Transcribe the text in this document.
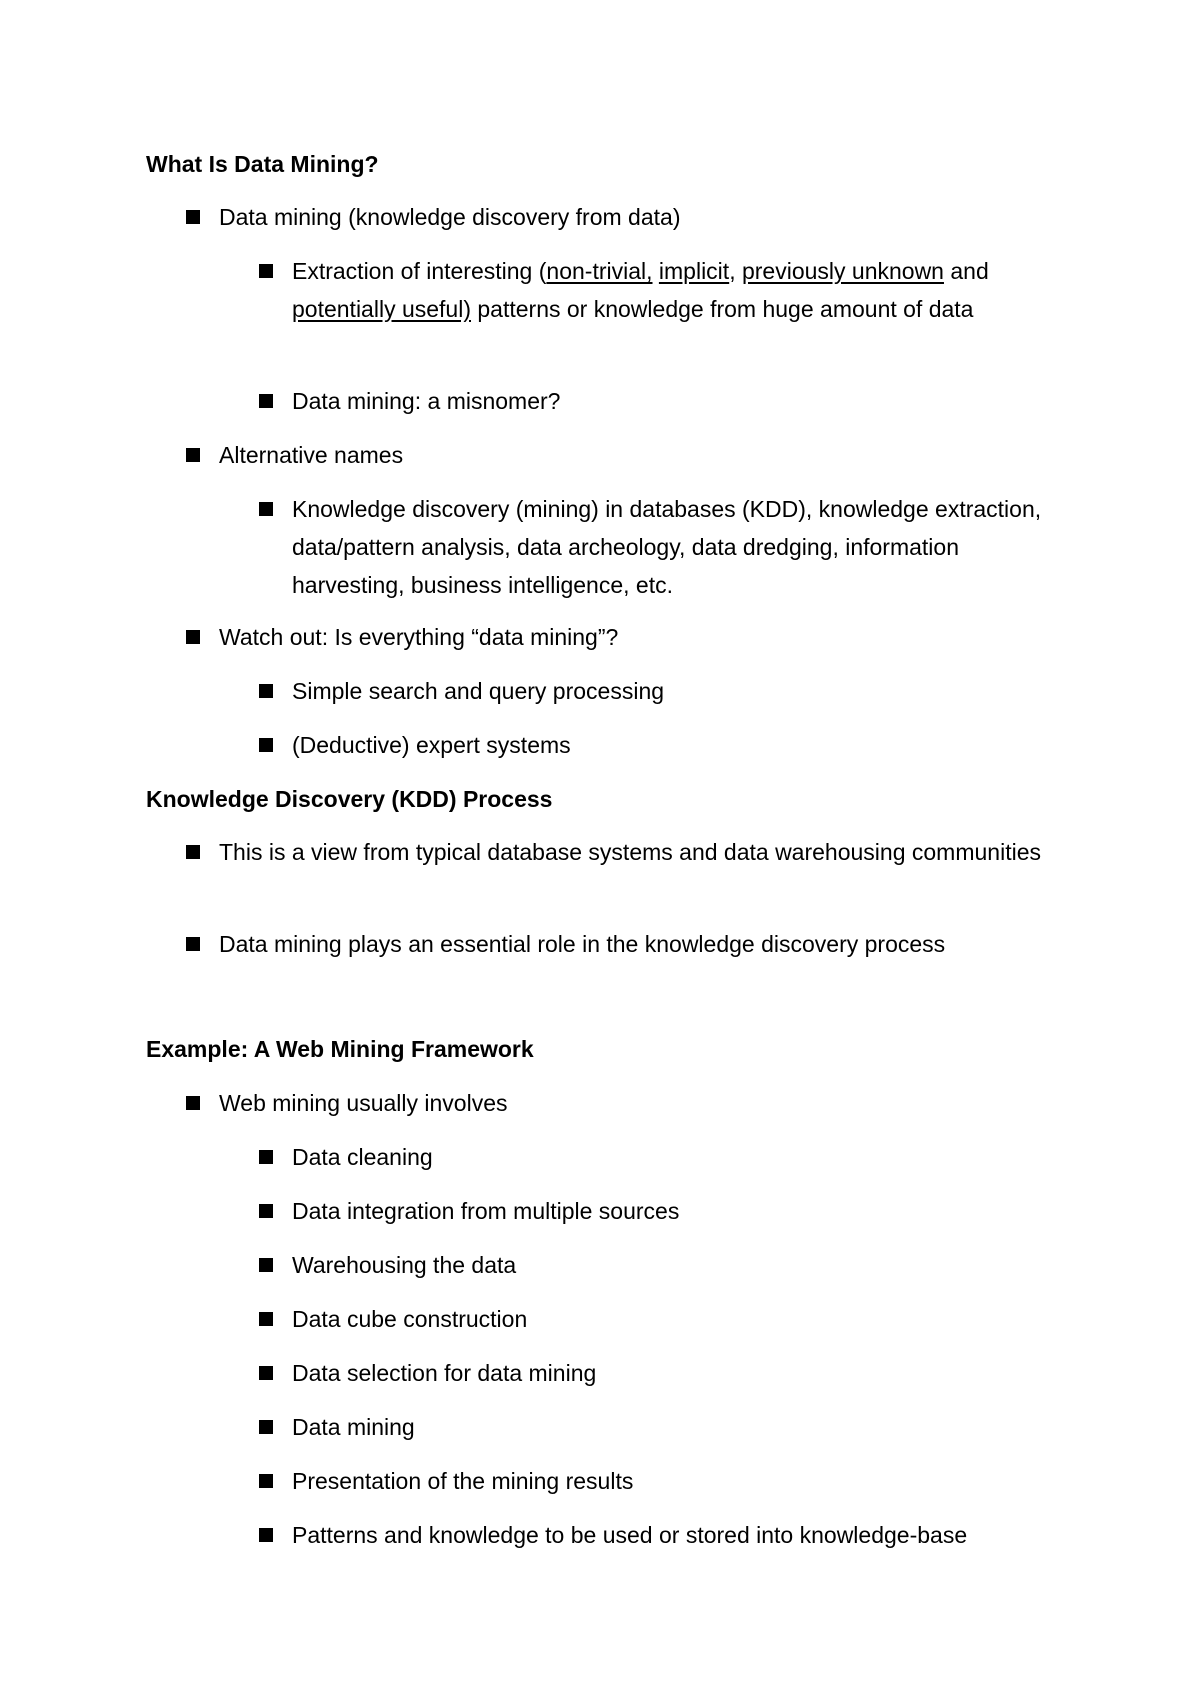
What Is Data Mining?
Data mining (knowledge discovery from data)
Extraction of interesting (non-trivial, implicit, previously unknown and potentially useful) patterns or knowledge from huge amount of data
Data mining: a misnomer?
Alternative names
Knowledge discovery (mining) in databases (KDD), knowledge extraction, data/pattern analysis, data archeology, data dredging, information harvesting, business intelligence, etc.
Watch out: Is everything “data mining”?
Simple search and query processing
(Deductive) expert systems
Knowledge Discovery (KDD) Process
This is a view from typical database systems and data warehousing communities
Data mining plays an essential role in the knowledge discovery process
Example: A Web Mining Framework
Web mining usually involves
Data cleaning
Data integration from multiple sources
Warehousing the data
Data cube construction
Data selection for data mining
Data mining
Presentation of the mining results
Patterns and knowledge to be used or stored into knowledge-base
